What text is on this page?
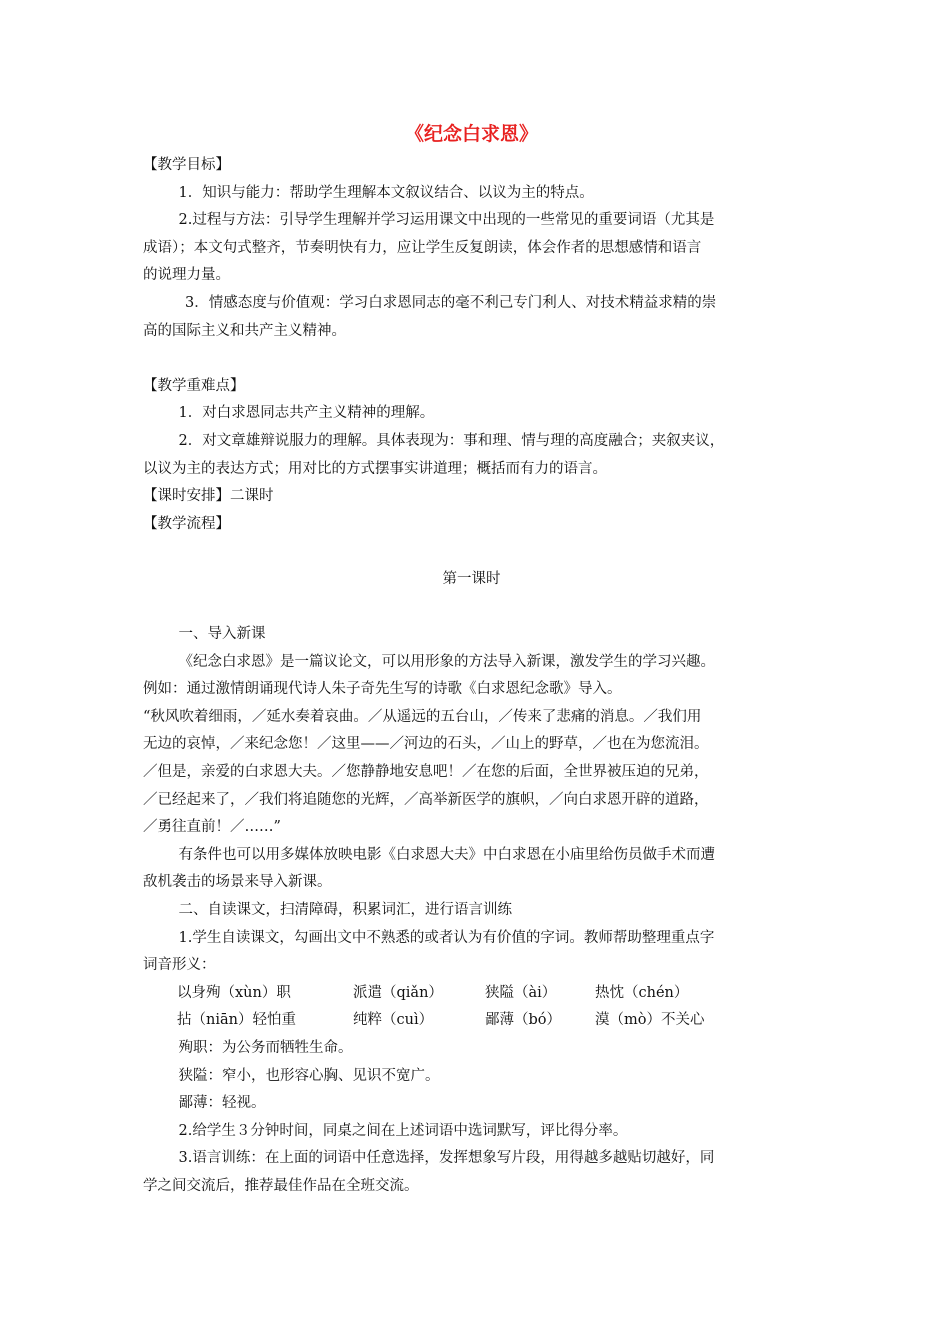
《纪念白求恩》

【教学目标】

1．知识与能力：帮助学生理解本文叙议结合、以议为主的特点。

2.过程与方法：引导学生理解并学习运用课文中出现的一些常见的重要词语（尤其是

成语）；本文句式整齐，节奏明快有力，应让学生反复朗读，体会作者的思想感情和语言

的说理力量。

3．情感态度与价值观：学习白求恩同志的毫不利己专门利人、对技术精益求精的崇

高的国际主义和共产主义精神。

【教学重难点】

1．对白求恩同志共产主义精神的理解。

2．对文章雄辩说服力的理解。具体表现为：事和理、情与理的高度融合；夹叙夹议，

以议为主的表达方式；用对比的方式摆事实讲道理；概括而有力的语言。

【课时安排】二课时

【教学流程】

第一课时

一、导入新课

《纪念白求恩》是一篇议论文，可以用形象的方法导入新课，激发学生的学习兴趣。

例如：通过激情朗诵现代诗人朱子奇先生写的诗歌《白求恩纪念歌》导入。

“秋风吹着细雨，／延水奏着哀曲。／从遥远的五台山，／传来了悲痛的消息。／我们用

无边的哀悼，／来纪念您！／这里——／河边的石头，／山上的野草，／也在为您流泪。

／但是，亲爱的白求恩大夫。／您静静地安息吧！／在您的后面，全世界被压迫的兄弟，

／已经起来了，／我们将追随您的光辉，／高举新医学的旗帜，／向白求恩开辟的道路，

／勇往直前！／……”

有条件也可以用多媒体放映电影《白求恩大夫》中白求恩在小庙里给伤员做手术而遭

敌机袭击的场景来导入新课。

二、自读课文，扫清障碍，积累词汇，进行语言训练

1.学生自读课文，勾画出文中不熟悉的或者认为有价值的字词。教师帮助整理重点字

词音形义：

以身殉（xùn）职	派遣（qiǎn）	狭隘（ài）	热忱（chén）
拈（niān）轻怕重	纯粹（cuì）	鄙薄（bó）	漠（mò）不关心

殉职：为公务而牺牲生命。

狭隘：窄小，也形容心胸、见识不宽广。

鄙薄：轻视。

2.给学生３分钟时间，同桌之间在上述词语中选词默写，评比得分率。

3.语言训练：在上面的词语中任意选择，发挥想象写片段，用得越多越贴切越好，同

学之间交流后，推荐最佳作品在全班交流。
